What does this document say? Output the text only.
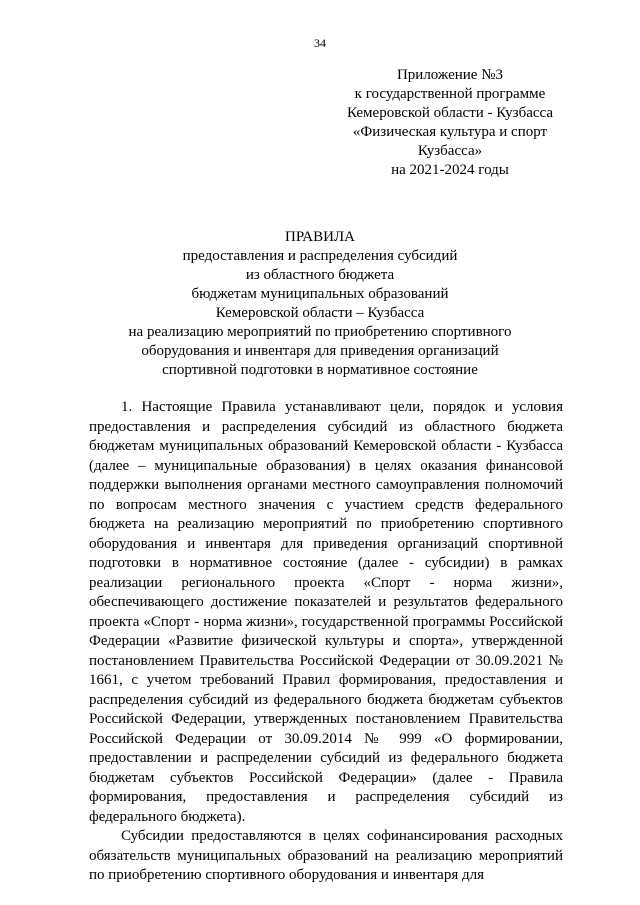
34
Приложение №3
к государственной программе
Кемеровской области - Кузбасса
«Физическая культура и спорт
Кузбасса»
на 2021-2024 годы
ПРАВИЛА
предоставления и распределения субсидий
из областного бюджета
бюджетам муниципальных образований
Кемеровской области – Кузбасса
на реализацию мероприятий по приобретению спортивного
оборудования и инвентаря для приведения организаций
спортивной подготовки в нормативное состояние

1. Настоящие Правила устанавливают цели, порядок и условия предоставления и распределения субсидий из областного бюджета бюджетам муниципальных образований Кемеровской области - Кузбасса (далее – муниципальные образования) в целях оказания финансовой поддержки выполнения органами местного самоуправления полномочий по вопросам местного значения с участием средств федерального бюджета на реализацию мероприятий по приобретению спортивного оборудования и инвентаря для приведения организаций спортивной подготовки в нормативное состояние (далее - субсидии) в рамках реализации регионального проекта «Спорт - норма жизни», обеспечивающего достижение показателей и результатов федерального проекта «Спорт - норма жизни», государственной программы Российской Федерации «Развитие физической культуры и спорта», утвержденной постановлением Правительства Российской Федерации от 30.09.2021 № 1661, с учетом требований Правил формирования, предоставления и распределения субсидий из федерального бюджета бюджетам субъектов Российской Федерации, утвержденных постановлением Правительства Российской Федерации от 30.09.2014 № 999 «О формировании, предоставлении и распределении субсидий из федерального бюджета бюджетам субъектов Российской Федерации» (далее - Правила формирования, предоставления и распределения субсидий из федерального бюджета).

Субсидии предоставляются в целях софинансирования расходных обязательств муниципальных образований на реализацию мероприятий по приобретению спортивного оборудования и инвентаря для
